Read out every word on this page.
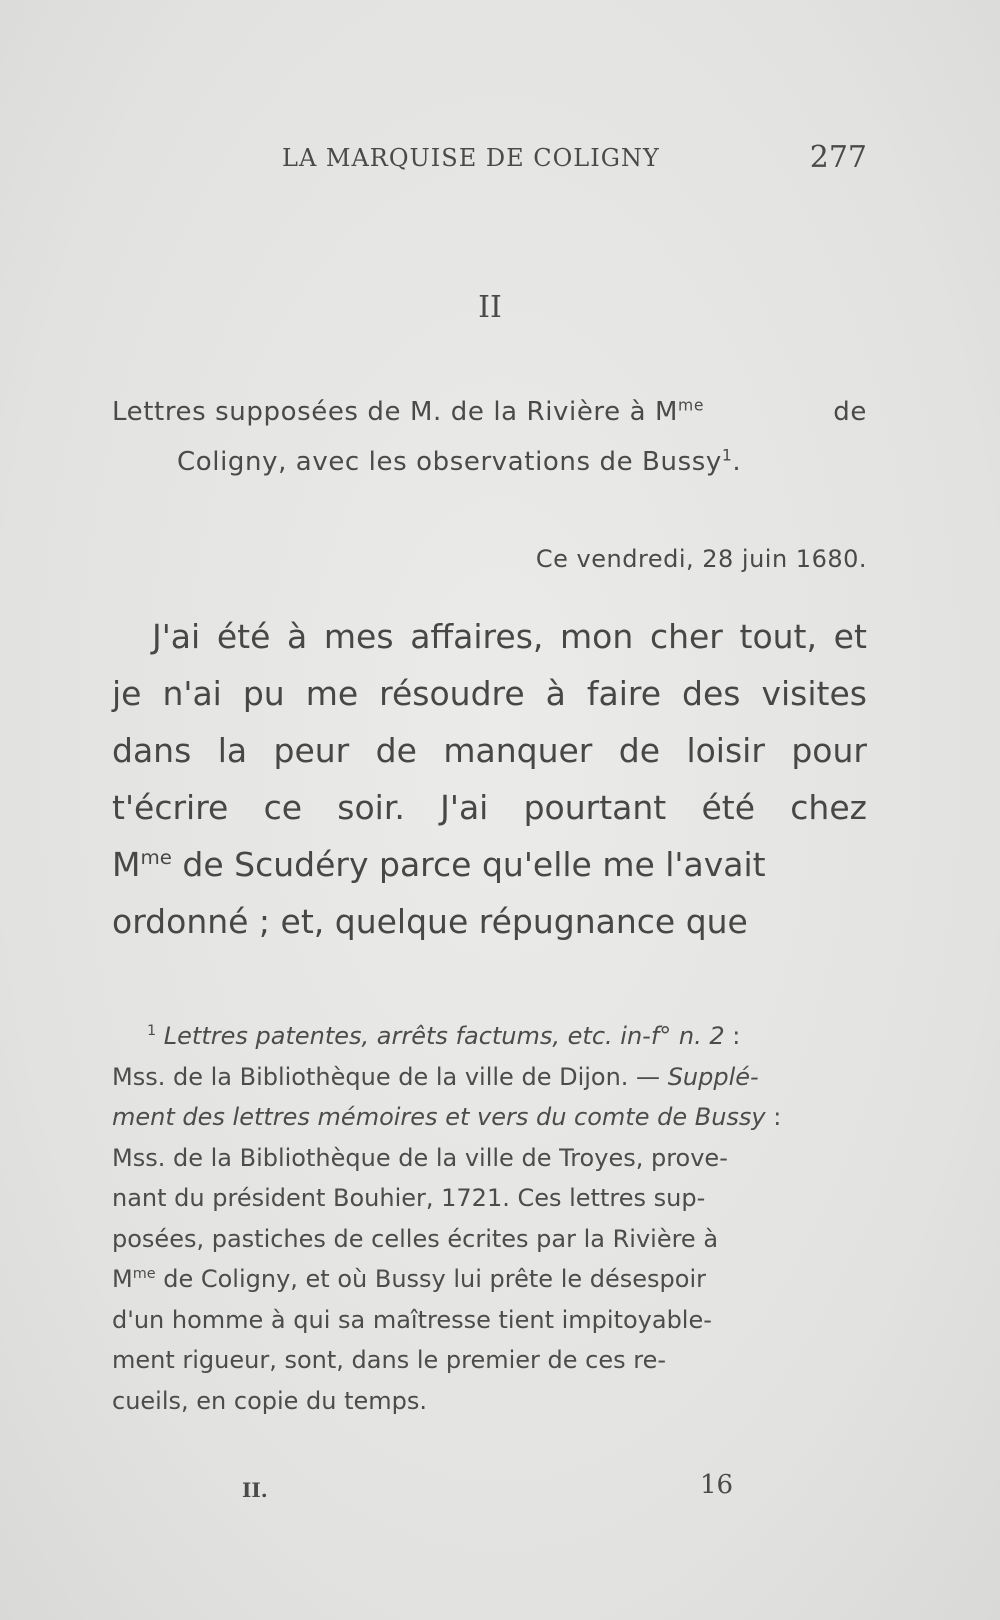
LA MARQUISE DE COLIGNY	277
II
Lettres supposées de M. de la Rivière à $M^{me}$	de
Coligny, avec les observations de Bussy$^1$.
Ce vendredi, 28 juin 1680.
J'ai été à mes affaires, mon cher tout, et
je n'ai pu me résoudre à faire des visites
dans la peur de manquer de loisir pour
t'écrire ce soir. J'ai pourtant été chez
$M^{me}$ de Scudéry parce qu'elle me l'avait
ordonné ; et, quelque répugnance que
$^1$ Lettres patentes, arrêts factums, etc. in-f° n. 2 :
Mss. de la Bibliothèque de la ville de Dijon. — Supplé-
ment des lettres mémoires et vers du comte de Bussy :
Mss. de la Bibliothèque de la ville de Troyes, prove-
nant du président Bouhier, 1721. Ces lettres sup-
posées, pastiches de celles écrites par la Rivière à
$M^{me}$ de Coligny, et où Bussy lui prête le désespoir
d'un homme à qui sa maîtresse tient impitoyable-
ment rigueur, sont, dans le premier de ces re-
cueils, en copie du temps.
II.	16
